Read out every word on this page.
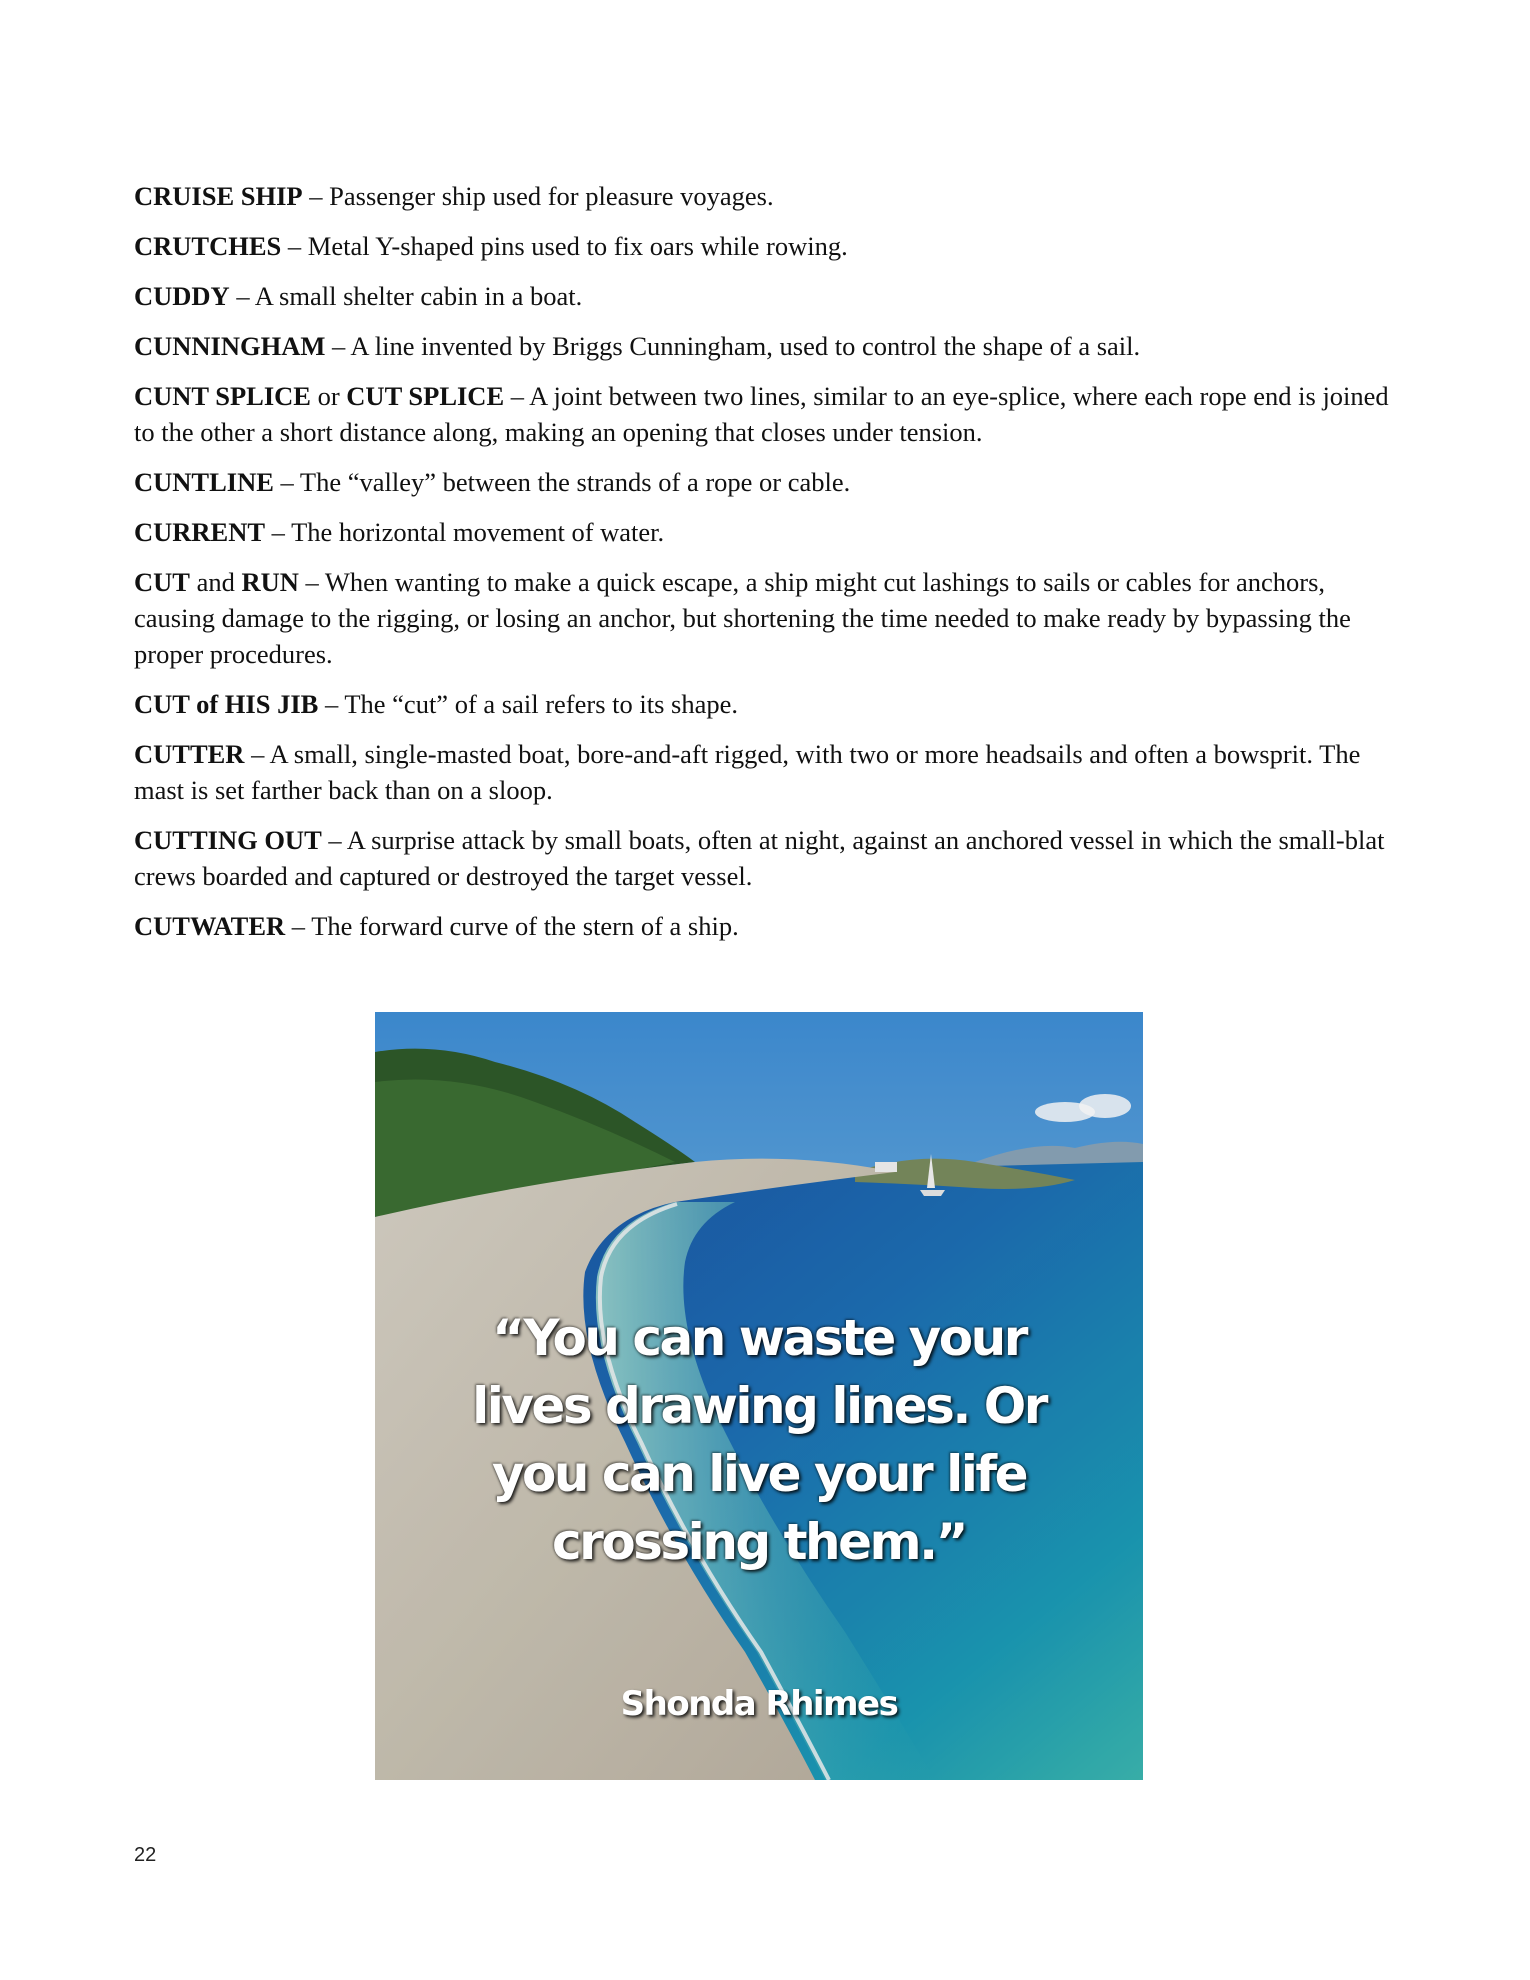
CRUISE SHIP – Passenger ship used for pleasure voyages.

CRUTCHES – Metal Y-shaped pins used to fix oars while rowing.

CUDDY – A small shelter cabin in a boat.

CUNNINGHAM – A line invented by Briggs Cunningham, used to control the shape of a sail.

CUNT SPLICE or CUT SPLICE – A joint between two lines, similar to an eye-splice, where each rope end is joined to the other a short distance along, making an opening that closes under tension.

CUNTLINE – The “valley” between the strands of a rope or cable.

CURRENT – The horizontal movement of water.

CUT and RUN – When wanting to make a quick escape, a ship might cut lashings to sails or cables for anchors, causing damage to the rigging, or losing an anchor, but shortening the time needed to make ready by bypassing the proper procedures.

CUT of HIS JIB – The “cut” of a sail refers to its shape.

CUTTER – A small, single-masted boat, bore-and-aft rigged, with two or more headsails and often a bowsprit. The mast is set farther back than on a sloop.

CUTTING OUT – A surprise attack by small boats, often at night, against an anchored vessel in which the small-blat crews boarded and captured or destroyed the target vessel.

CUTWATER – The forward curve of the stern of a ship.

“You can waste your lives drawing lines. Or you can live your life crossing them.”

Shonda Rhimes

22
